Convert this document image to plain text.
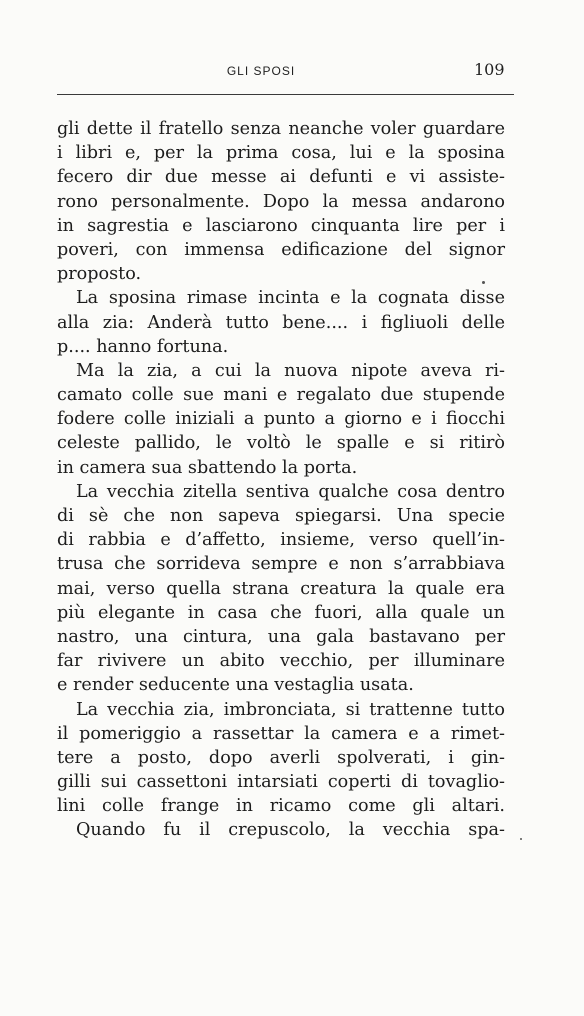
GLI SPOSI	109
gli dette il fratello senza neanche voler guardare
i libri e, per la prima cosa, lui e la sposina
fecero dir due messe ai defunti e vi assiste-
rono personalmente. Dopo la messa andarono
in sagrestia e lasciarono cinquanta lire per i
poveri, con immensa edificazione del signor
proposto.
La sposina rimase incinta e la cognata disse
alla zia: Anderà tutto bene.... i figliuoli delle
p.... hanno fortuna.
Ma la zia, a cui la nuova nipote aveva ri-
camato colle sue mani e regalato due stupende
fodere colle iniziali a punto a giorno e i fiocchi
celeste pallido, le voltò le spalle e si ritirò
in camera sua sbattendo la porta.
La vecchia zitella sentiva qualche cosa dentro
di sè che non sapeva spiegarsi. Una specie
di rabbia e d’affetto, insieme, verso quell’in-
trusa che sorrideva sempre e non s’arrabbiava
mai, verso quella strana creatura la quale era
più elegante in casa che fuori, alla quale un
nastro, una cintura, una gala bastavano per
far rivivere un abito vecchio, per illuminare
e render seducente una vestaglia usata.
La vecchia zia, imbronciata, si trattenne tutto
il pomeriggio a rassettar la camera e a rimet-
tere a posto, dopo averli spolverati, i gin-
gilli sui cassettoni intarsiati coperti di tovaglio-
lini colle frange in ricamo come gli altari.
Quando fu il crepuscolo, la vecchia spa-
